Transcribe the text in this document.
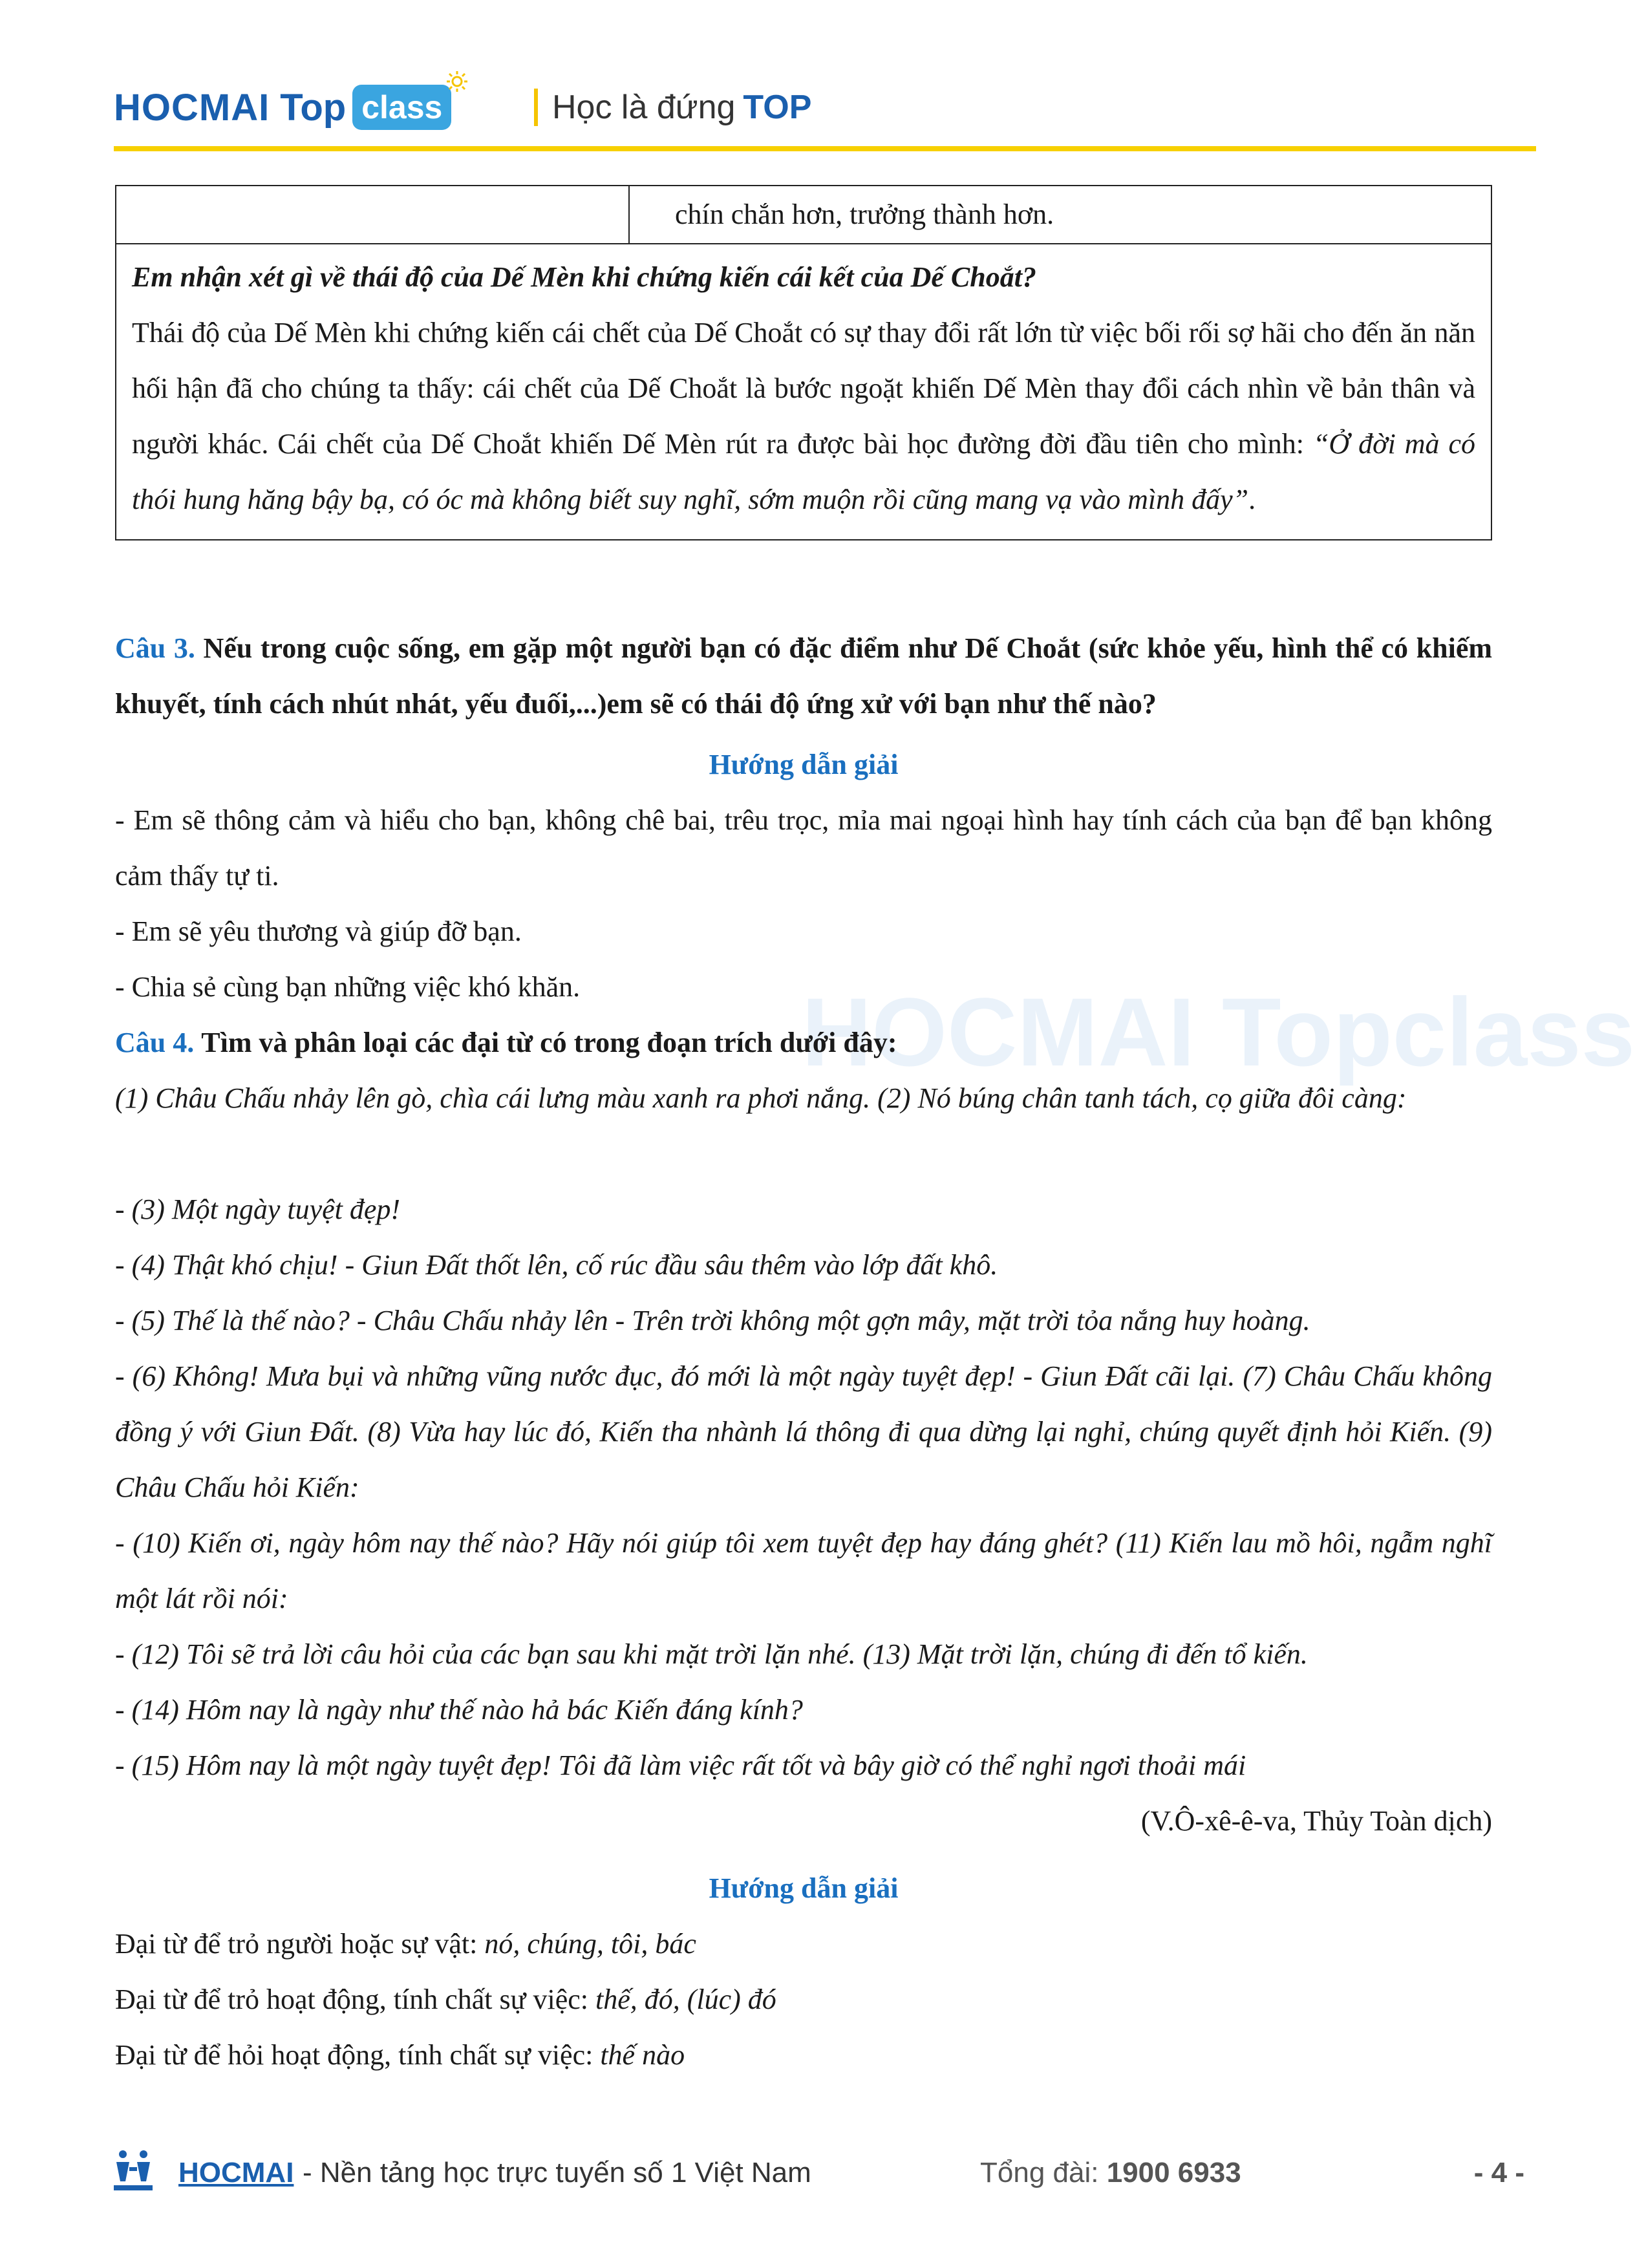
HOCMAI Top class	Học là đứng TOP
	chín chắn hơn, trưởng thành hơn.

Em nhận xét gì về thái độ của Dế Mèn khi chứng kiến cái kết của Dế Choắt?
Thái độ của Dế Mèn khi chứng kiến cái chết của Dế Choắt có sự thay đổi rất lớn từ việc bối rối sợ hãi cho đến ăn năn hối hận đã cho chúng ta thấy: cái chết của Dế Choắt là bước ngoặt khiến Dế Mèn thay đổi cách nhìn về bản thân và người khác. Cái chết của Dế Choắt khiến Dế Mèn rút ra được bài học đường đời đầu tiên cho mình: “Ở đời mà có thói hung hăng bậy bạ, có óc mà không biết suy nghĩ, sớm muộn rồi cũng mang vạ vào mình đấy”.
Câu 3. Nếu trong cuộc sống, em gặp một người bạn có đặc điểm như Dế Choắt (sức khỏe yếu, hình thể có khiếm khuyết, tính cách nhút nhát, yếu đuối,...)em sẽ có thái độ ứng xử với bạn như thế nào?
Hướng dẫn giải
- Em sẽ thông cảm và hiểu cho bạn, không chê bai, trêu trọc, mỉa mai ngoại hình hay tính cách của bạn để bạn không cảm thấy tự ti.
- Em sẽ yêu thương và giúp đỡ bạn.
- Chia sẻ cùng bạn những việc khó khăn.	HOCMAI Topclass
Câu 4. Tìm và phân loại các đại từ có trong đoạn trích dưới đây:
(1) Châu Chấu nhảy lên gò, chìa cái lưng màu xanh ra phơi nắng. (2) Nó búng chân tanh tách, cọ giữa đôi càng:
- (3) Một ngày tuyệt đẹp!
- (4) Thật khó chịu! - Giun Đất thốt lên, cố rúc đầu sâu thêm vào lớp đất khô.
- (5) Thế là thế nào? - Châu Chấu nhảy lên - Trên trời không một gợn mây, mặt trời tỏa nắng huy hoàng.
- (6) Không! Mưa bụi và những vũng nước đục, đó mới là một ngày tuyệt đẹp! - Giun Đất cãi lại. (7) Châu Chấu không đồng ý với Giun Đất. (8) Vừa hay lúc đó, Kiến tha nhành lá thông đi qua dừng lại nghỉ, chúng quyết định hỏi Kiến. (9) Châu Chấu hỏi Kiến:
- (10) Kiến ơi, ngày hôm nay thế nào? Hãy nói giúp tôi xem tuyệt đẹp hay đáng ghét? (11) Kiến lau mồ hôi, ngẫm nghĩ một lát rồi nói:
- (12) Tôi sẽ trả lời câu hỏi của các bạn sau khi mặt trời lặn nhé. (13) Mặt trời lặn, chúng đi đến tổ kiến.
- (14) Hôm nay là ngày như thế nào hả bác Kiến đáng kính?
- (15) Hôm nay là một ngày tuyệt đẹp! Tôi đã làm việc rất tốt và bây giờ có thể nghỉ ngơi thoải mái
(V.Ô-xê-ê-va, Thủy Toàn dịch)
Hướng dẫn giải
Đại từ để trỏ người hoặc sự vật: nó, chúng, tôi, bác
Đại từ để trỏ hoạt động, tính chất sự việc: thế, đó, (lúc) đó
Đại từ để hỏi hoạt động, tính chất sự việc: thế nào
HOCMAI - Nền tảng học trực tuyến số 1 Việt Nam	Tổng đài: 1900 6933	- 4 -
